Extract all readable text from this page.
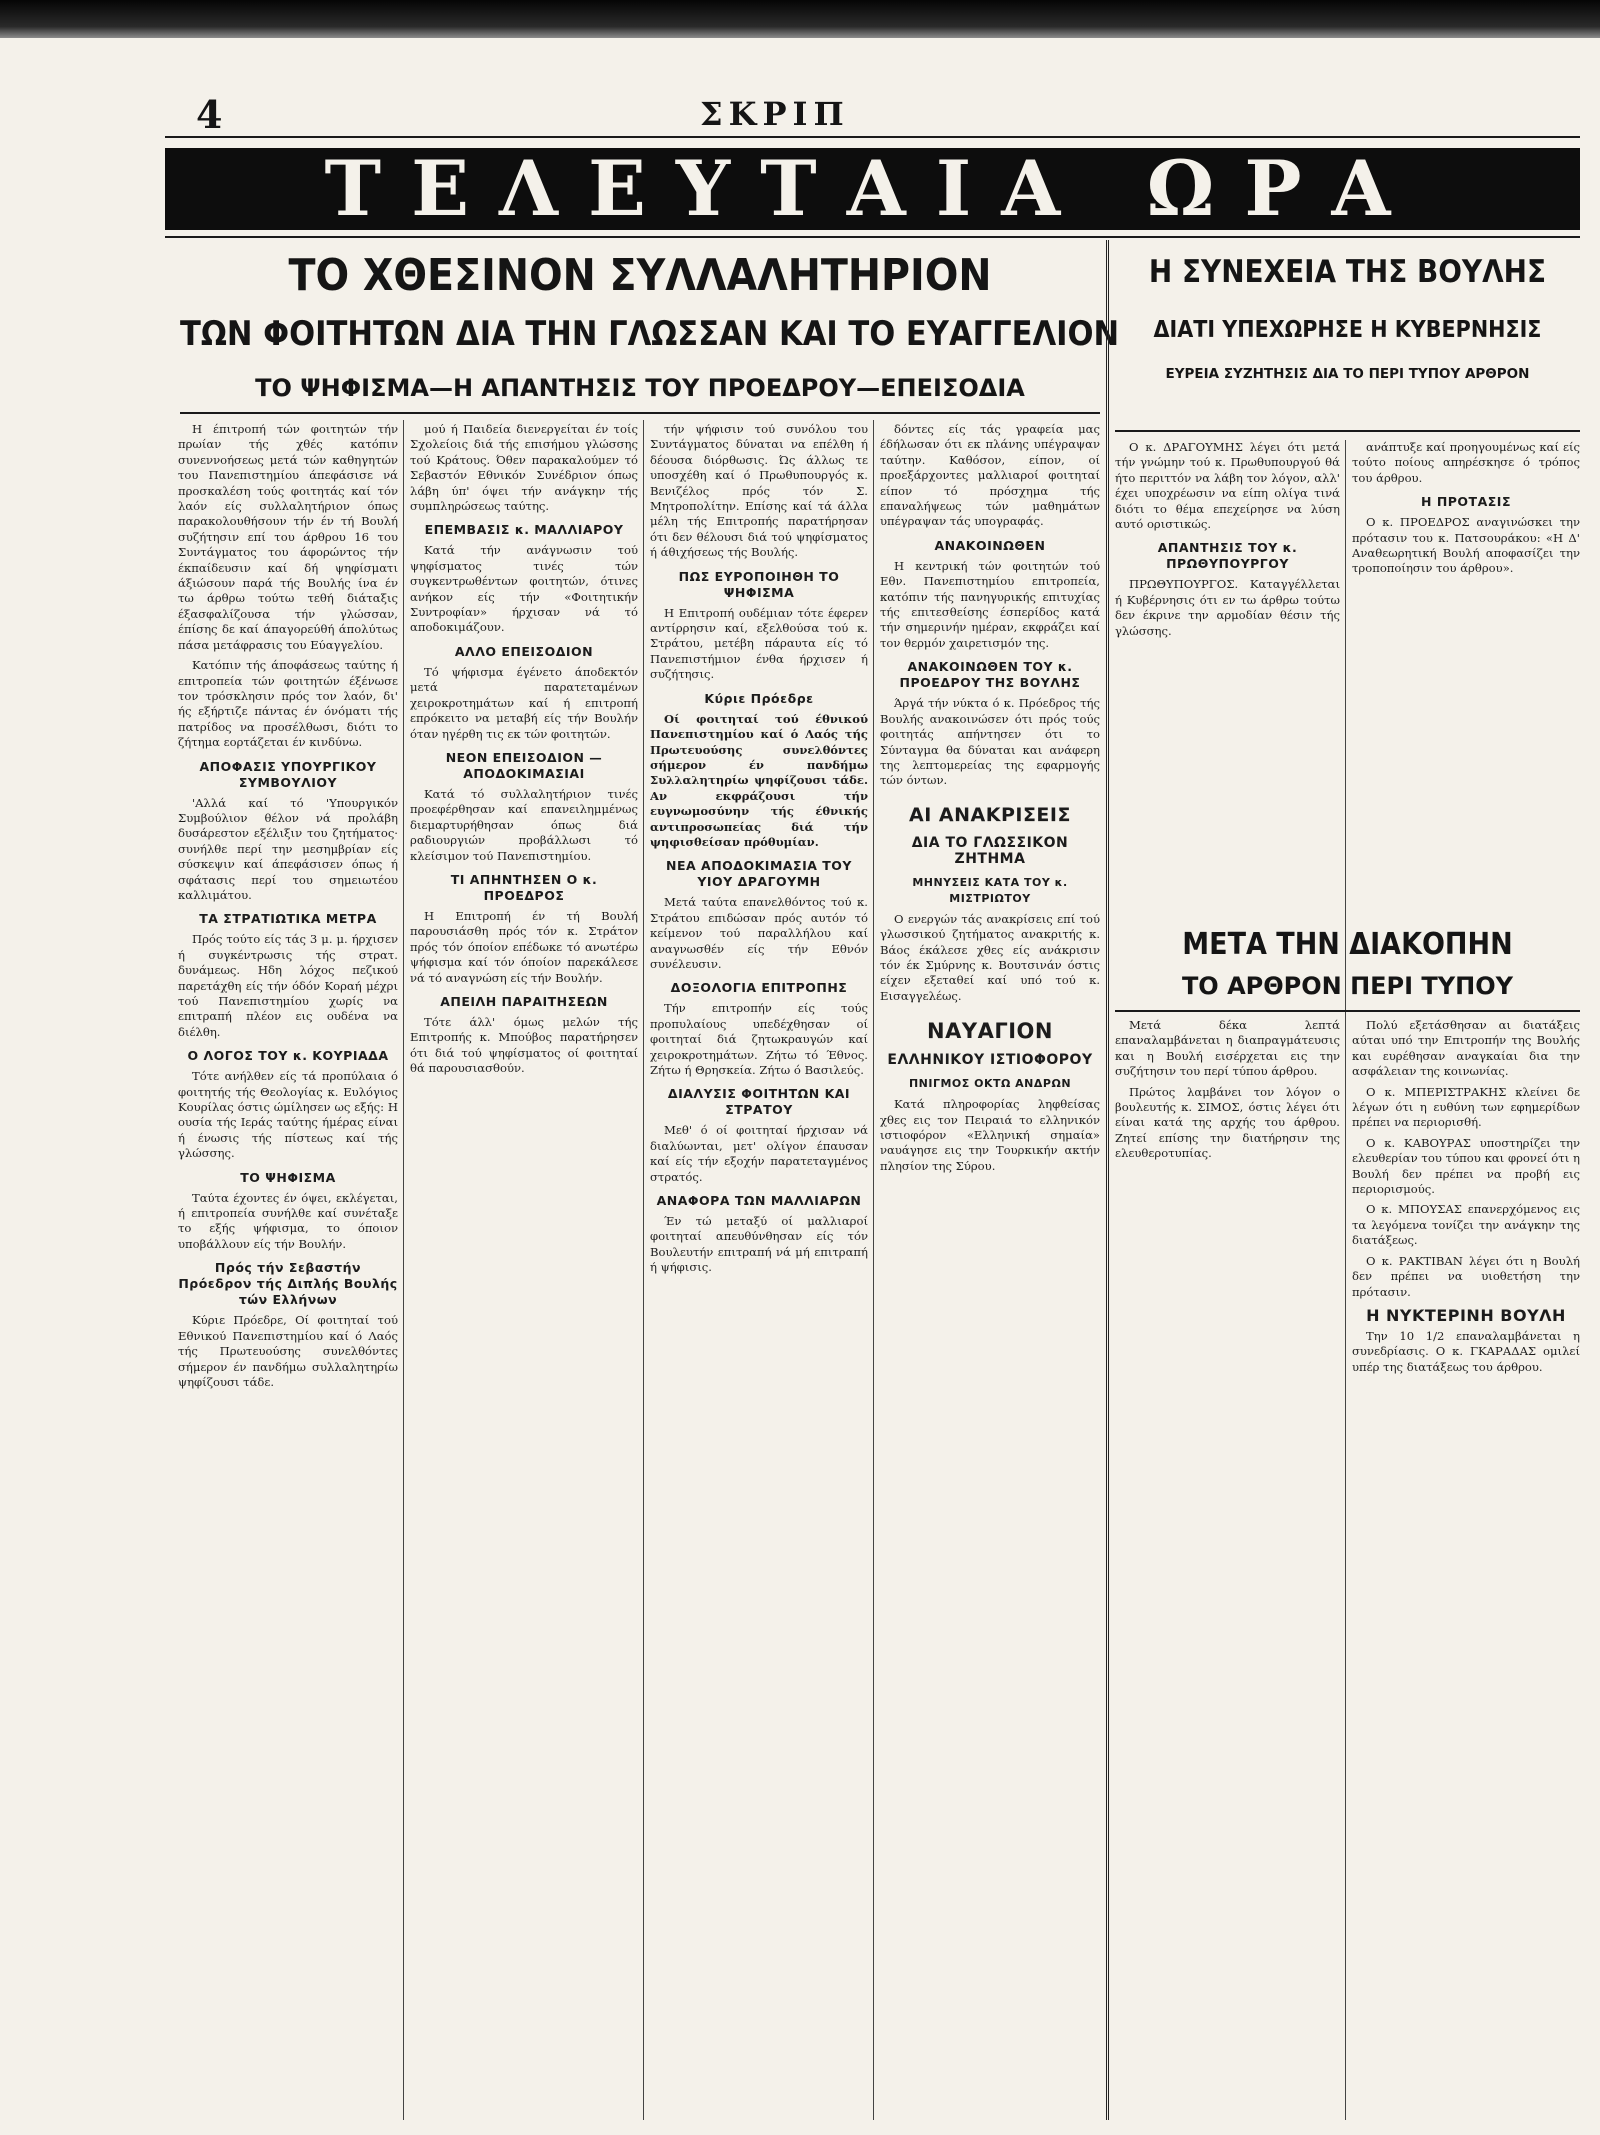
4	ΣΚΡΙΠ
ΤΕΛΕΥΤΑΙΑ ΩΡΑ
ΤΟ ΧΘΕΣΙΝΟΝ ΣΥΛΛΑΛΗΤΗΡΙΟΝ
ΤΩΝ ΦΟΙΤΗΤΩΝ ΔΙΑ ΤΗΝ ΓΛΩΣΣΑΝ ΚΑΙ ΤΟ ΕΥΑΓΓΕΛΙΟΝ
ΤΟ ΨΗΦΙΣΜΑ—Η ΑΠΑΝΤΗΣΙΣ ΤΟΥ ΠΡΟΕΔΡΟΥ—ΕΠΕΙΣΟΔΙΑ
Η ΣΥΝΕΧΕΙΑ ΤΗΣ ΒΟΥΛΗΣ
ΔΙΑΤΙ ΥΠΕΧΩΡΗΣΕ Η ΚΥΒΕΡΝΗΣΙΣ
ΕΥΡΕΙΑ ΣΥΖΗΤΗΣΙΣ ΔΙΑ ΤΟ ΠΕΡΙ ΤΥΠΟΥ ΑΡΘΡΟΝ

Η έπιτροπή τών φοιτητών τήν πρωίαν τής χθές κατόπιν συνεννοήσεως μετά τών καθηγητών του Πανεπιστημίου άπεφάσισε νά προσκαλέση τούς φοιτητάς καί τόν λαόν είς συλλαλητήριον όπως παρακολουθήσουν τήν έν τή Βουλή συζήτησιν επί του άρθρου 16 του Συντάγματος του άφορώντος τήν έκπαίδευσιν καί δή ψηφίσματι άξιώσουν παρά τής Βουλής ίνα έν τω άρθρω τούτω τεθή διάταξις έξασφαλίζουσα τήν γλώσσαν, έπίσης δε καί άπαγορεύθή άπολύτως πάσα μετάφρασις του Εύαγγελίου.

Κατόπιν τής άποφάσεως ταύτης ή επιτροπεία τών φοιτητών έξένωσε τον τρόσκλησιν πρός τον λαόν, δι' ής εξήρτιζε πάντας έν όνόματι τής πατρίδος να προσέλθωσι, διότι το ζήτημα εορτάζεται έν κινδύνω.

ΑΠΟΦΑΣΙΣ ΥΠΟΥΡΓΙΚΟΥ ΣΥΜΒΟΥΛΙΟΥ

'Αλλά καί τό 'Υπουργικόν Συμβούλιον θέλον νά προλάβη δυσάρεστον εξέλιξιν του ζητήματος· συνήλθε περί την μεσημβρίαν είς σύσκεψιν καί άπεφάσισεν όπως ή σφάτασις περί του σημειωτέου καλλιμάτου.

ΤΑ ΣΤΡΑΤΙΩΤΙΚΑ ΜΕΤΡΑ

Πρός τούτο είς τάς 3 μ. μ. ήρχισεν ή συγκέντρωσις τής στρατ. δυνάμεως. Ηδη λόχος πεζικού παρετάχθη είς τήν όδόν Κοραή μέχρι τού Πανεπιστημίου χωρίς να επιτραπή πλέον εις ουδένα να διέλθη.

Ο ΛΟΓΟΣ ΤΟΥ κ. ΚΟΥΡΙΑΔΑ

Τότε ανήλθεν είς τά προπύλαια ό φοιτητής τής Θεολογίας κ. Ευλόγιος Κουρίλας όστις ώμίλησεν ως εξής: Η ουσία τής Ιεράς ταύτης ήμέρας είναι ή ένωσις τής πίστεως καί τής γλώσσης.

ΤΟ ΨΗΦΙΣΜΑ

Ταύτα έχοντες έν όψει, εκλέγεται, ή επιτροπεία συνήλθε καί συνέταξε το εξής ψήφισμα, το όποιον υποβάλλουν είς τήν Βουλήν.

Πρός τήν Σεβαστήν Πρόεδρον τής Διπλής Βουλής τών Ελλήνων

Κύριε Πρόεδρε, Οί φοιτηταί τού Εθνικού Πανεπιστημίου καί ό Λαός τής Πρωτευούσης συνελθόντες σήμερον έν πανδήμω συλλαλητηρίω ψηφίζουσι τάδε.

μού ή Παιδεία διενεργείται έν τοίς Σχολείοις διά τής επισήμου γλώσσης τού Κράτους. Όθεν παρακαλούμεν τό Σεβαστόν Εθνικόν Συνέδριον όπως λάβη ύπ' όψει τήν ανάγκην τής συμπληρώσεως ταύτης.

ΕΠΕΜΒΑΣΙΣ κ. ΜΑΛΛΙΑΡΟΥ

Κατά τήν ανάγνωσιν τού ψηφίσματος τινές τών συγκεντρωθέντων φοιτητών, ότινες ανήκον είς τήν «Φοιτητικήν Συντροφίαν» ήρχισαν νά τό αποδοκιμάζουν.

ΑΛΛΟ ΕΠΕΙΣΟΔΙΟΝ

Τό ψήφισμα έγένετο άποδεκτόν μετά παρατεταμένων χειροκροτημάτων καί ή επιτροπή επρόκειτο να μεταβή είς τήν Βουλήν όταν ηγέρθη τις εκ τών φοιτητών.

ΝΕΟΝ ΕΠΕΙΣΟΔΙΟΝ — ΑΠΟΔΟΚΙΜΑΣΙΑΙ

Κατά τό συλλαλητήριον τινές προεφέρθησαν καί επανειλημμένως διεμαρτυρήθησαν όπως διά ραδιουργιών προβάλλωσι τό κλείσιμον τού Πανεπιστημίου.

ΤΙ ΑΠΗΝΤΗΣΕΝ Ο κ. ΠΡΟΕΔΡΟΣ

Η Επιτροπή έν τή Βουλή παρουσιάσθη πρός τόν κ. Στράτον πρός τόν όποίον επέδωκε τό ανωτέρω ψήφισμα καί τόν όποίον παρεκάλεσε νά τό αναγνώση είς τήν Βουλήν.

ΑΠΕΙΛΗ ΠΑΡΑΙΤΗΣΕΩΝ

Τότε άλλ' όμως μελών τής Επιτροπής κ. Μπούβος παρατήρησεν ότι διά τού ψηφίσματος οί φοιτηταί θά παρουσιασθούν.

τήν ψήφισιν τού συνόλου του Συντάγματος δύναται να επέλθη ή δέουσα διόρθωσις. Ώς άλλως τε υποσχέθη καί ό Πρωθυπουργός κ. Βενιζέλος πρός τόν Σ. Μητροπολίτην. Επίσης καί τά άλλα μέλη τής Επιτροπής παρατήρησαν ότι δεν θέλουσι διά τού ψηφίσματος ή άθιχήσεως τής Βουλής.

ΠΩΣ ΕΥΡΟΠΟΙΗΘΗ ΤΟ ΨΗΦΙΣΜΑ

Η Επιτροπή ουδέμιαν τότε έφερεν αντίρρησιν καί, εξελθούσα τού κ. Στράτου, μετέβη πάραυτα είς τό Πανεπιστήμιον ένθα ήρχισεν ή συζήτησις.

Κύριε Πρόεδρε

Οί φοιτηταί τού έθνικού Πανεπιστημίου καί ό Λαός τής Πρωτευούσης συνελθόντες σήμερον έν πανδήμω Συλλαλητηρίω ψηφίζουσι τάδε. Αν εκφράζουσι τήν ευγνωμοσύνην τής έθνικής αντιπροσωπείας διά τήν ψηφισθείσαν πρόθυμίαν.

ΝΕΑ ΑΠΟΔΟΚΙΜΑΣΙΑ ΤΟΥ ΥΙΟΥ ΔΡΑΓΟΥΜΗ

Μετά ταύτα επανελθόντος τού κ. Στράτου επιδώσαν πρός αυτόν τό κείμενον τού παραλλήλου καί αναγνωσθέν είς τήν Εθνόν συνέλευσιν.

ΔΟΞΟΛΟΓΙΑ ΕΠΙΤΡΟΠΗΣ

Τήν επιτροπήν είς τούς προπυλαίους υπεδέχθησαν οί φοιτηταί διά ζητωκραυγών καί χειροκροτημάτων. Ζήτω τό Έθνος. Ζήτω ή Θρησκεία. Ζήτω ό Βασιλεύς.

ΔΙΑΛΥΣΙΣ ΦΟΙΤΗΤΩΝ ΚΑΙ ΣΤΡΑΤΟΥ

Μεθ' ό οί φοιτηταί ήρχισαν νά διαλύωνται, μετ' ολίγον έπαυσαν καί είς τήν εξοχήν παρατεταγμένος στρατός.

ΑΝΑΦΟΡΑ ΤΩΝ ΜΑΛΛΙΑΡΩΝ

Έν τώ μεταξύ οί μαλλιαροί φοιτηταί απευθύνθησαν είς τόν Βουλευτήν επιτραπή νά μή επιτραπή ή ψήφισις.

δόντες είς τάς γραφεία μας έδήλωσαν ότι εκ πλάνης υπέγραψαν ταύτην. Καθόσον, είπον, οί προεξάρχοντες μαλλιαροί φοιτηταί είπον τό πρόσχημα τής επαναλήψεως τών μαθημάτων υπέγραψαν τάς υπογραφάς.

ΑΝΑΚΟΙΝΩΘΕΝ

Η κεντρική τών φοιτητών τού Εθν. Πανεπιστημίου επιτροπεία, κατόπιν τής πανηγυρικής επιτυχίας τής επιτεσθείσης έσπερίδος κατά τήν σημερινήν ημέραν, εκφράζει καί τον θερμόν χαιρετισμόν της.

ΑΝΑΚΟΙΝΩΘΕΝ ΤΟΥ κ. ΠΡΟΕΔΡΟΥ ΤΗΣ ΒΟΥΛΗΣ

Άργά τήν νύκτα ό κ. Πρόεδρος τής Βουλής ανακοινώσεν ότι πρός τούς φοιτητάς απήντησεν ότι το Σύνταγμα θα δύναται και ανάφερη της λεπτομερείας της εφαρμογής τών όντων.

ΑΙ ΑΝΑΚΡΙΣΕΙΣ
ΔΙΑ ΤΟ ΓΛΩΣΣΙΚΟΝ ΖΗΤΗΜΑ
ΜΗΝΥΣΕΙΣ ΚΑΤΑ ΤΟΥ κ. ΜΙΣΤΡΙΩΤΟΥ

Ο ενεργών τάς ανακρίσεις επί τού γλωσσικού ζητήματος ανακριτής κ. Βάος έκάλεσε χθες είς ανάκρισιν τόν έκ Σμύρνης κ. Βουτσινάν όστις είχεν εξεταθεί καί υπό τού κ. Εισαγγελέως.

ΝΑΥΑΓΙΟΝ
ΕΛΛΗΝΙΚΟΥ ΙΣΤΙΟΦΟΡΟΥ
ΠΝΙΓΜΟΣ ΟΚΤΩ ΑΝΔΡΩΝ

Κατά πληροφορίας ληφθείσας χθες εις τον Πειραιά το ελληνικόν ιστιοφόρον «Ελληνική σημαία» ναυάγησε εις την Τουρκικήν ακτήν πλησίον της Σύρου.

Ο κ. ΔΡΑΓΟΥΜΗΣ λέγει ότι μετά τήν γνώμην τού κ. Πρωθυπουργού θά ήτο περιττόν να λάβη τον λόγον, αλλ' έχει υποχρέωσιν να είπη ολίγα τινά διότι το θέμα επεχείρησε να λύση αυτό οριστικώς.

ΑΠΑΝΤΗΣΙΣ ΤΟΥ κ. ΠΡΩΘΥΠΟΥΡΓΟΥ

ΠΡΩΘΥΠΟΥΡΓΟΣ. Καταγγέλλεται ή Κυβέρνησις ότι εν τω άρθρω τούτω δεν έκρινε την αρμοδίαν θέσιν τής γλώσσης.

ανάπτυξε καί προηγουμένως καί είς τούτο ποίους απηρέσκησε ό τρόπος του άρθρου.

Η ΠΡΟΤΑΣΙΣ

Ο κ. ΠΡΟΕΔΡΟΣ αναγινώσκει την πρότασιν του κ. Πατσουράκου: «Η Δ' Αναθεωρητική Βουλή αποφασίζει την τροποποίησιν του άρθρου».

ΜΕΤΑ ΤΗΝ ΔΙΑΚΟΠΗΝ
ΤΟ ΑΡΘΡΟΝ ΠΕΡΙ ΤΥΠΟΥ

Μετά δέκα λεπτά επαναλαμβάνεται η διαπραγμάτευσις και η Βουλή εισέρχεται εις την συζήτησιν του περί τύπου άρθρου.

Πρώτος λαμβάνει τον λόγον ο βουλευτής κ. ΣΙΜΟΣ, όστις λέγει ότι είναι κατά της αρχής του άρθρου. Ζητεί επίσης την διατήρησιν της ελευθεροτυπίας.

Πολύ εξετάσθησαν αι διατάξεις αύται υπό την Επιτροπήν της Βουλής και ευρέθησαν αναγκαίαι δια την ασφάλειαν της κοινωνίας.

Ο κ. ΜΠΕΡΙΣΤΡΑΚΗΣ κλείνει δε λέγων ότι η ευθύνη των εφημερίδων πρέπει να περιορισθή.

Ο κ. ΚΑΒΟΥΡΑΣ υποστηρίζει την ελευθερίαν του τύπου και φρονεί ότι η Βουλή δεν πρέπει να προβή εις περιορισμούς.

Ο κ. ΜΠΟΥΣΑΣ επανερχόμενος εις τα λεγόμενα τονίζει την ανάγκην της διατάξεως.

Ο κ. ΡΑΚΤΙΒΑΝ λέγει ότι η Βουλή δεν πρέπει να υιοθετήση την πρότασιν.

Η ΝΥΚΤΕΡΙΝΗ ΒΟΥΛΗ

Την 10 1/2 επαναλαμβάνεται η συνεδρίασις. Ο κ. ΓΚΑΡΑΔΑΣ ομιλεί υπέρ της διατάξεως του άρθρου.
